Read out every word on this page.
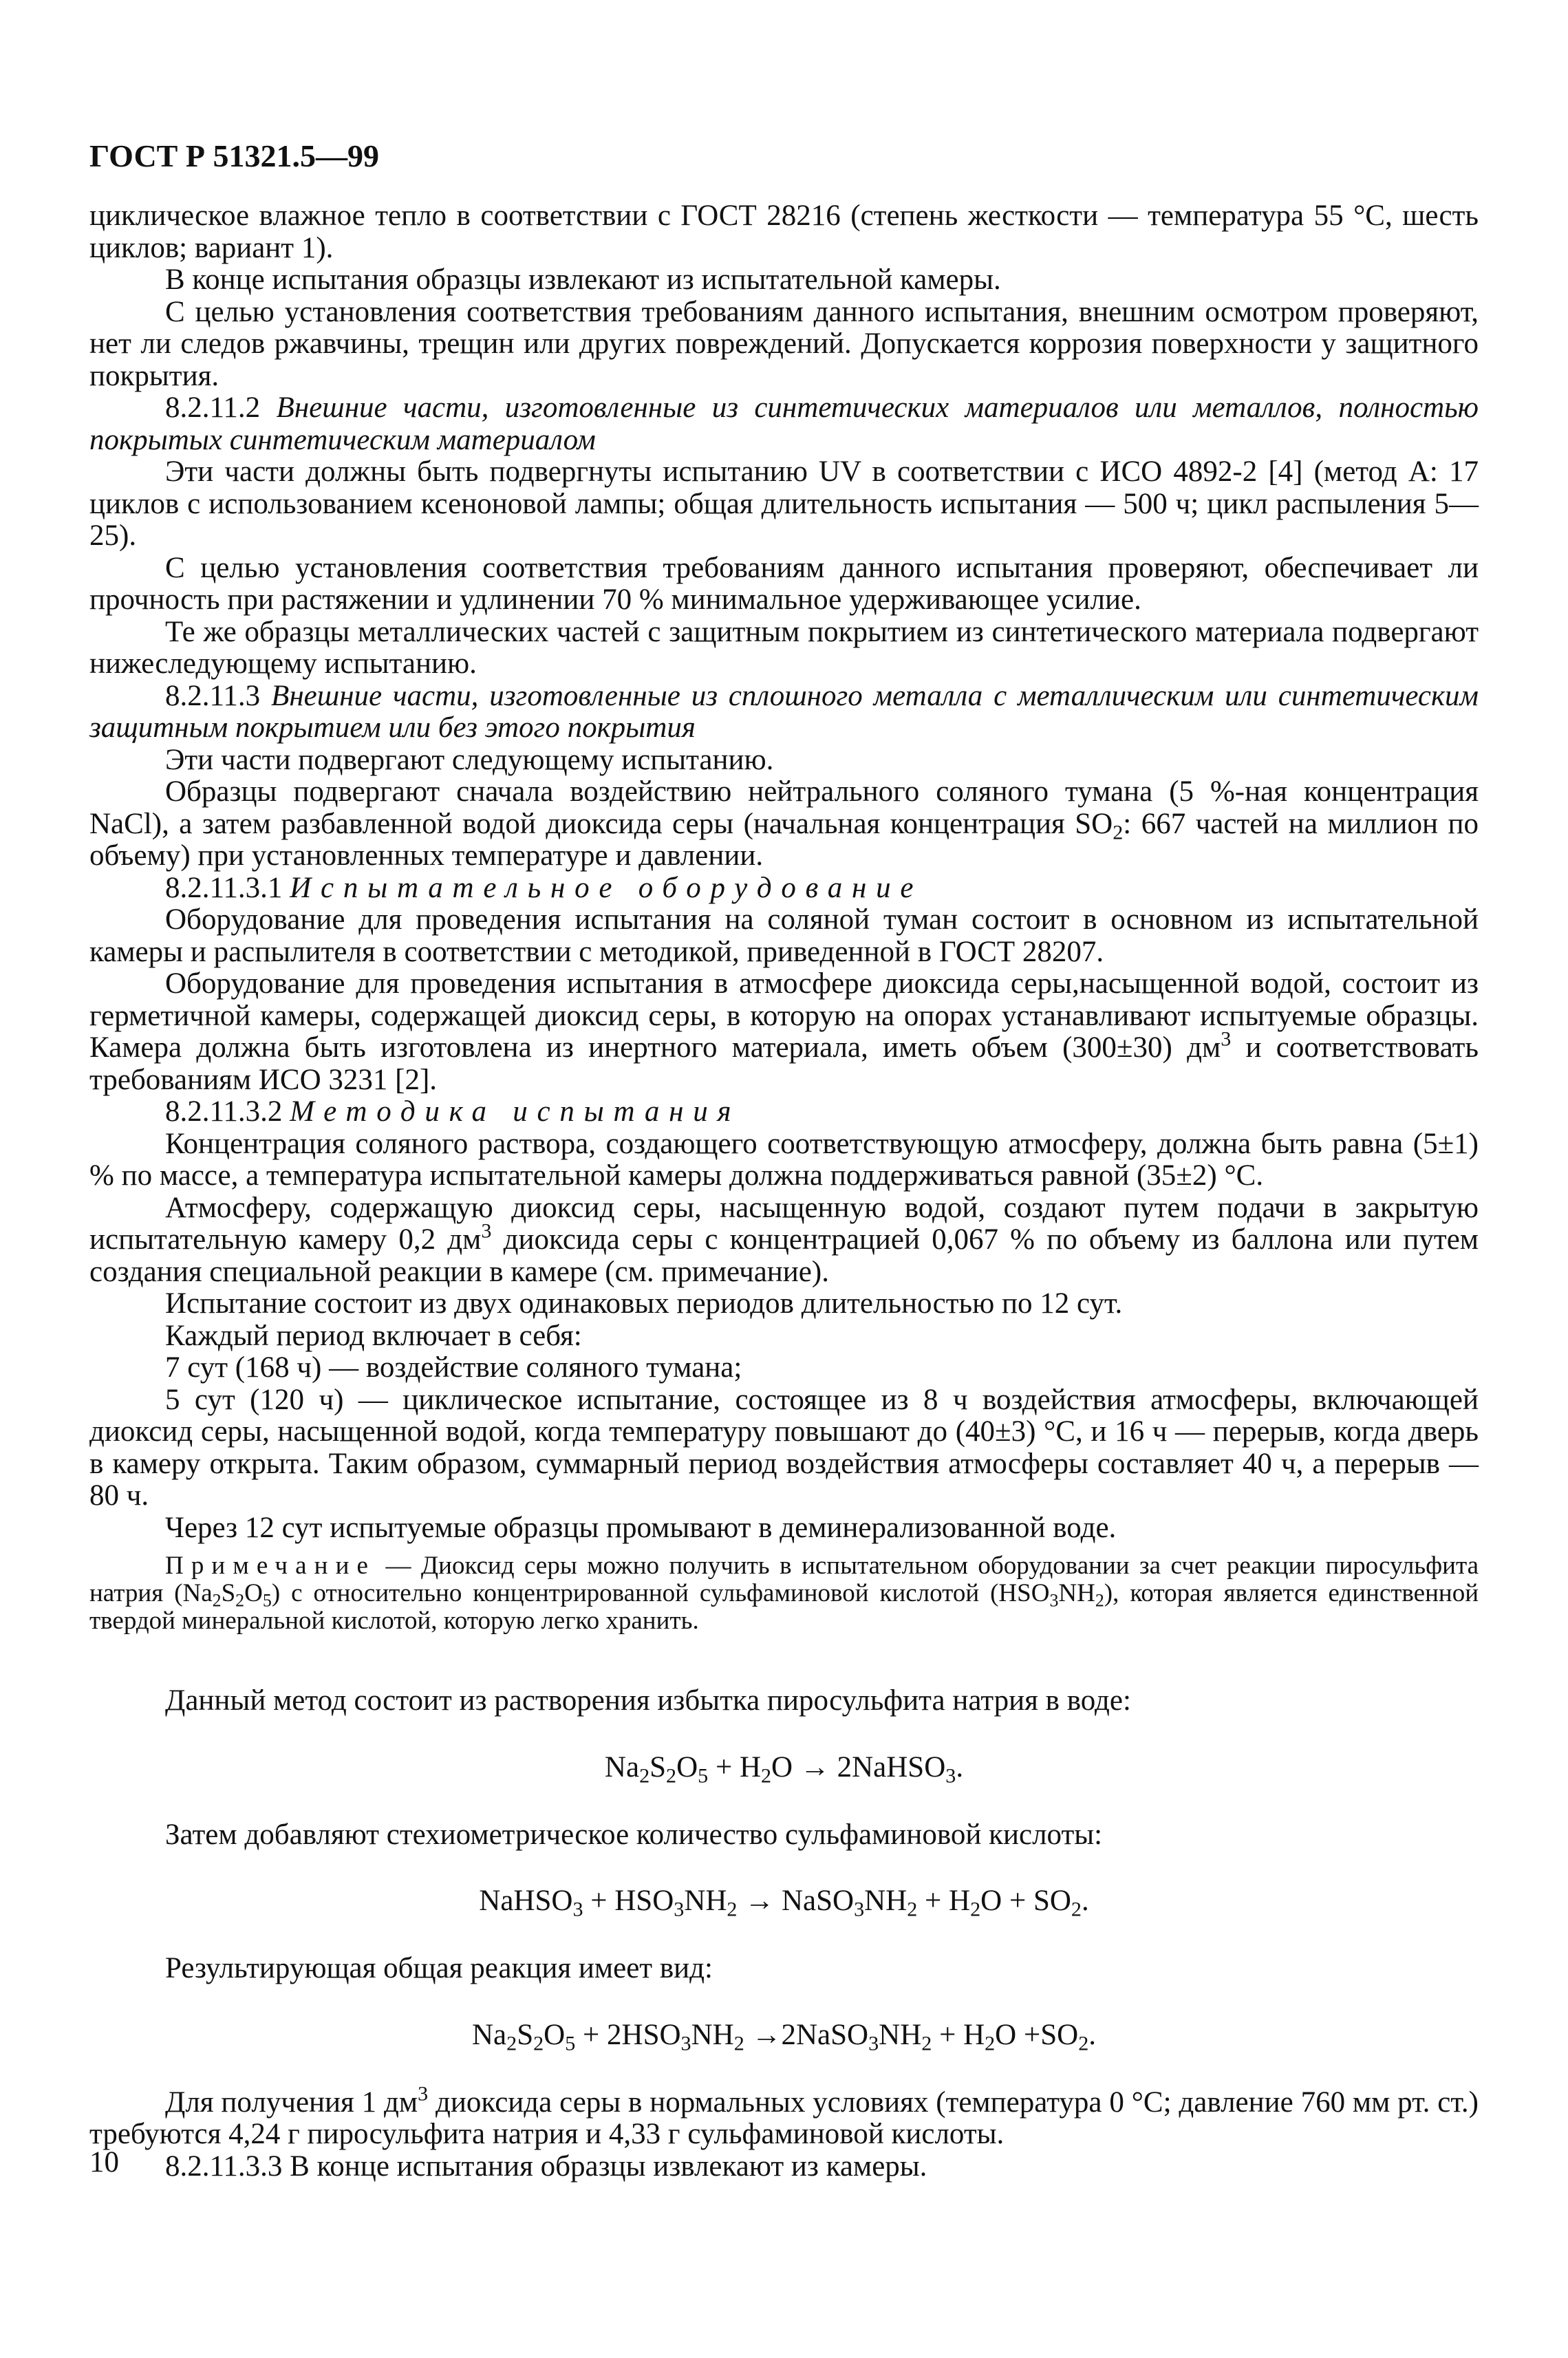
ГОСТ Р 51321.5—99

циклическое влажное тепло в соответствии с ГОСТ 28216 (степень жесткости — температура 55 °С, шесть циклов; вариант 1).

В конце испытания образцы извлекают из испытательной камеры.

С целью установления соответствия требованиям данного испытания, внешним осмотром проверяют, нет ли следов ржавчины, трещин или других повреждений. Допускается коррозия поверхности у защитного покрытия.

8.2.11.2 Внешние части, изготовленные из синтетических материалов или металлов, полностью покрытых синтетическим материалом

Эти части должны быть подвергнуты испытанию UV в соответствии с ИСО 4892-2 [4] (метод А: 17 циклов с использованием ксеноновой лампы; общая длительность испытания — 500 ч; цикл распыления 5—25).

С целью установления соответствия требованиям данного испытания проверяют, обеспечивает ли прочность при растяжении и удлинении 70 % минимальное удерживающее усилие.

Те же образцы металлических частей с защитным покрытием из синтетического материала подвергают нижеследующему испытанию.

8.2.11.3 Внешние части, изготовленные из сплошного металла с металлическим или синтетическим защитным покрытием или без этого покрытия

Эти части подвергают следующему испытанию.

Образцы подвергают сначала воздействию нейтрального соляного тумана (5 %-ная концентрация NaCl), а затем разбавленной водой диоксида серы (начальная концентрация $SO_2$: 667 частей на миллион по объему) при установленных температуре и давлении.

8.2.11.3.1 Испытательное оборудование

Оборудование для проведения испытания на соляной туман состоит в основном из испытательной камеры и распылителя в соответствии с методикой, приведенной в ГОСТ 28207.

Оборудование для проведения испытания в атмосфере диоксида серы,насыщенной водой, состоит из герметичной камеры, содержащей диоксид серы, в которую на опорах устанавливают испытуемые образцы. Камера должна быть изготовлена из инертного материала, иметь объем (300±30) $дм^3$ и соответствовать требованиям ИСО 3231 [2].

8.2.11.3.2 Методика испытания

Концентрация соляного раствора, создающего соответствующую атмосферу, должна быть равна (5±1) % по массе, а температура испытательной камеры должна поддерживаться равной (35±2) °С.

Атмосферу, содержащую диоксид серы, насыщенную водой, создают путем подачи в закрытую испытательную камеру 0,2 $дм^3$ диоксида серы с концентрацией 0,067 % по объему из баллона или путем создания специальной реакции в камере (см. примечание).

Испытание состоит из двух одинаковых периодов длительностью по 12 сут.

Каждый период включает в себя:

7 сут (168 ч) — воздействие соляного тумана;

5 сут (120 ч) — циклическое испытание, состоящее из 8 ч воздействия атмосферы, включающей диоксид серы, насыщенной водой, когда температуру повышают до (40±3) °С, и 16 ч — перерыв, когда дверь в камеру открыта. Таким образом, суммарный период воздействия атмосферы составляет 40 ч, а перерыв — 80 ч.

Через 12 сут испытуемые образцы промывают в деминерализованной воде.

Примечание — Диоксид серы можно получить в испытательном оборудовании за счет реакции пиросульфита натрия $(Na_2S_2O_5)$ с относительно концентрированной сульфаминовой кислотой $(HSO_3NH_2)$, которая является единственной твердой минеральной кислотой, которую легко хранить.

Данный метод состоит из растворения избытка пиросульфита натрия в воде:

$Na_2S_2O_5 + H_2O$ → 2NaHSO$_3$.

Затем добавляют стехиометрическое количество сульфаминовой кислоты:

NaHSO$_3$ + $HSO_3NH_2$ → $NaSO_3NH_2 + H_2O + SO_2$.

Результирующая общая реакция имеет вид:

$Na_2S_2O_5 + 2HSO_3NH_2$ $\to 2NaSO_3NH_2 + H_2O +SO_2$.

Для получения 1 $дм^3$ диоксида серы в нормальных условиях (температура 0 °С; давление 760 мм рт. ст.) требуются 4,24 г пиросульфита натрия и 4,33 г сульфаминовой кислоты.

8.2.11.3.3 В конце испытания образцы извлекают из камеры.

10
